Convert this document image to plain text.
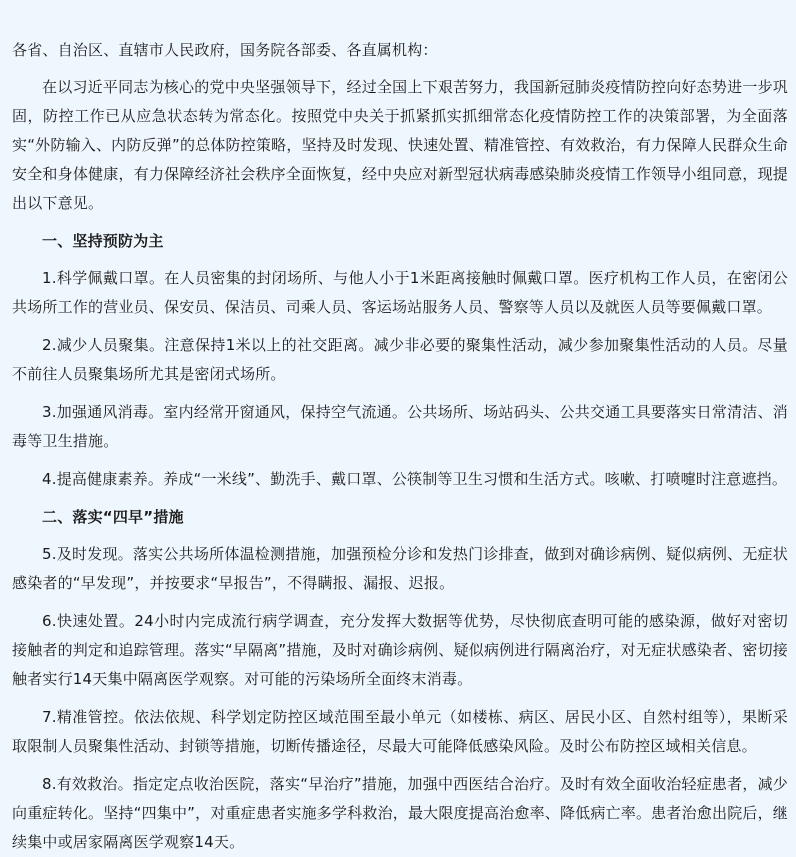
各省、自治区、直辖市人民政府，国务院各部委、各直属机构：

在以习近平同志为核心的党中央坚强领导下，经过全国上下艰苦努力，我国新冠肺炎疫情防控向好态势进一步巩固，防控工作已从应急状态转为常态化。按照党中央关于抓紧抓实抓细常态化疫情防控工作的决策部署，为全面落实“外防输入、内防反弹”的总体防控策略，坚持及时发现、快速处置、精准管控、有效救治，有力保障人民群众生命安全和身体健康，有力保障经济社会秩序全面恢复，经中央应对新型冠状病毒感染肺炎疫情工作领导小组同意，现提出以下意见。

一、坚持预防为主

1.科学佩戴口罩。在人员密集的封闭场所、与他人小于1米距离接触时佩戴口罩。医疗机构工作人员，在密闭公共场所工作的营业员、保安员、保洁员、司乘人员、客运场站服务人员、警察等人员以及就医人员等要佩戴口罩。

2.减少人员聚集。注意保持1米以上的社交距离。减少非必要的聚集性活动，减少参加聚集性活动的人员。尽量不前往人员聚集场所尤其是密闭式场所。

3.加强通风消毒。室内经常开窗通风，保持空气流通。公共场所、场站码头、公共交通工具要落实日常清洁、消毒等卫生措施。

4.提高健康素养。养成“一米线”、勤洗手、戴口罩、公筷制等卫生习惯和生活方式。咳嗽、打喷嚏时注意遮挡。

二、落实“四早”措施

5.及时发现。落实公共场所体温检测措施，加强预检分诊和发热门诊排查，做到对确诊病例、疑似病例、无症状感染者的“早发现”，并按要求“早报告”，不得瞒报、漏报、迟报。

6.快速处置。24小时内完成流行病学调查，充分发挥大数据等优势，尽快彻底查明可能的感染源，做好对密切接触者的判定和追踪管理。落实“早隔离”措施，及时对确诊病例、疑似病例进行隔离治疗，对无症状感染者、密切接触者实行14天集中隔离医学观察。对可能的污染场所全面终末消毒。

7.精准管控。依法依规、科学划定防控区域范围至最小单元（如楼栋、病区、居民小区、自然村组等），果断采取限制人员聚集性活动、封锁等措施，切断传播途径，尽最大可能降低感染风险。及时公布防控区域相关信息。

8.有效救治。指定定点收治医院，落实“早治疗”措施，加强中西医结合治疗。及时有效全面收治轻症患者，减少向重症转化。坚持“四集中”，对重症患者实施多学科救治，最大限度提高治愈率、降低病亡率。患者治愈出院后，继续集中或居家隔离医学观察14天。
